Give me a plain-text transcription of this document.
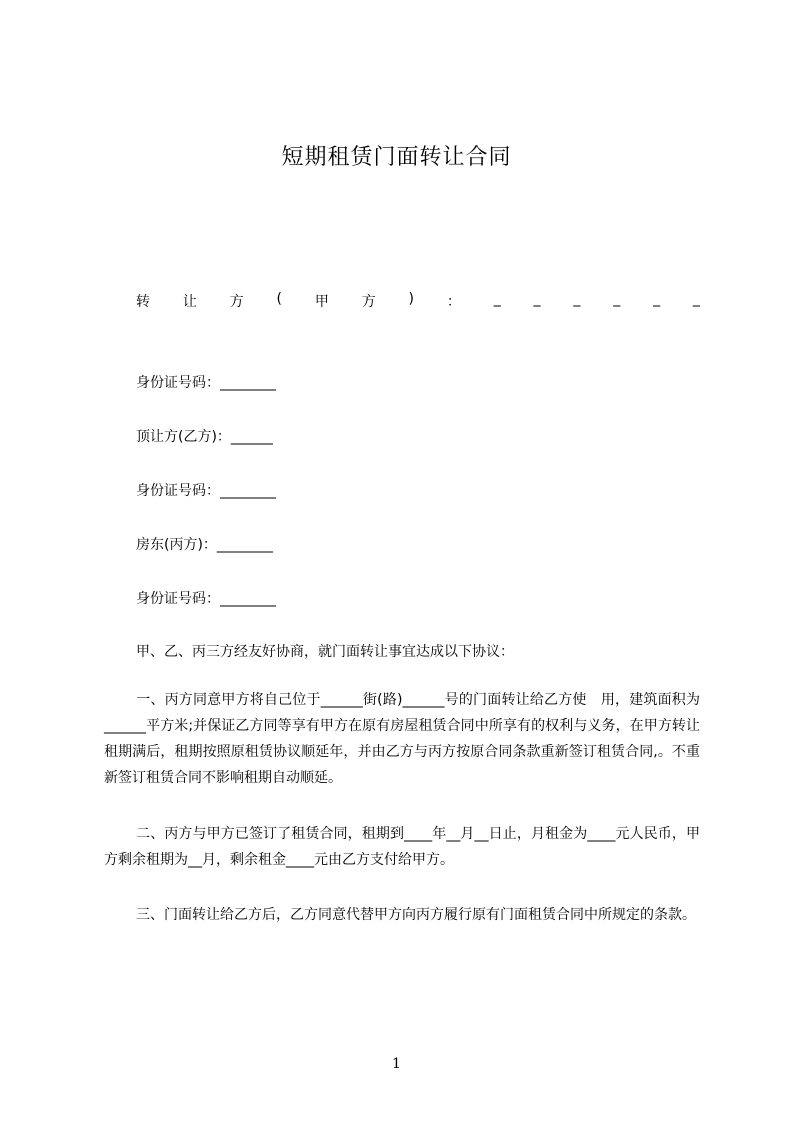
短期租赁门面转让合同
转 让 方 ( 甲 方 ) ： _ _ _ _ _ _
身份证号码：________
顶让方(乙方)：______
身份证号码：________
房东(丙方)：________
身份证号码：________
甲、乙、丙三方经友好协商，就门面转让事宜达成以下协议：
一、丙方同意甲方将自己位于______街(路)______号的门面转让给乙方使　用，建筑面积为______平方米;并保证乙方同等享有甲方在原有房屋租赁合同中所享有的权利与义务，在甲方转让租期满后，租期按照原租赁协议顺延年，并由乙方与丙方按原合同条款重新签订租赁合同,。不重新签订租赁合同不影响租期自动顺延。
二、丙方与甲方已签订了租赁合同，租期到____年__月__日止，月租金为____元人民币，甲方剩余租期为__月，剩余租金____元由乙方支付给甲方。
三、门面转让给乙方后，乙方同意代替甲方向丙方履行原有门面租赁合同中所规定的条款。
1
